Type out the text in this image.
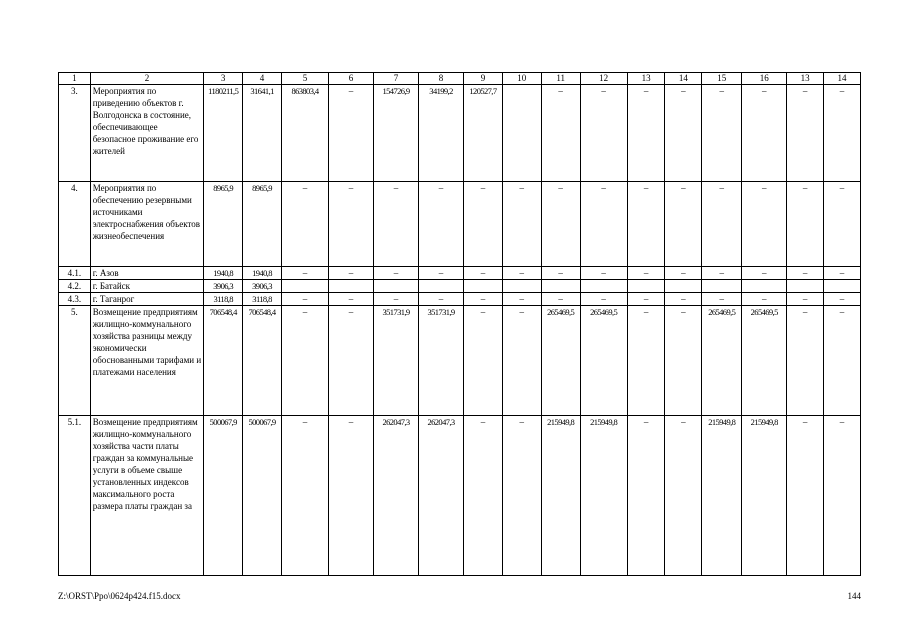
1	2	3	4	5	6	7	8	9	10	11	12	13	14	15	16	13	14
3.	Мероприятия по приведению объектов г. Волгодонска в состояние, обеспечивающее безопасное проживание его жителей	1180211,5	31641,1	863803,4	–	154726,9	34199,2	120527,7		–	–	–	–	–	–	–	–
4.	Мероприятия по обеспечению резервными источниками электроснабжения объектов жизнеобеспечения	8965,9	8965,9	–	–	–	–	–	–	–	–	–	–	–	–	–	–
4.1.	г. Азов	1940,8	1940,8	–	–	–	–	–	–	–	–	–	–	–	–	–	–
4.2.	г. Батайск	3906,3	3906,3														
4.3.	г. Таганрог	3118,8	3118,8	–	–	–	–	–	–	–	–	–	–	–	–	–	–
5.	Возмещение предприятиям жилищно-коммунального хозяйства разницы между экономически обоснованными тарифами и платежами населения	706548,4	706548,4	–	–	351731,9	351731,9	–	–	265469,5	265469,5	–	–	265469,5	265469,5	–	–
5.1.	Возмещение предприятиям жилищно-коммунального хозяйства части платы граждан за коммунальные услуги в объеме свыше установленных индексов максимального роста размера платы граждан за	500067,9	500067,9	–	–	262047,3	262047,3	–	–	215949,8	215949,8	–	–	215949,8	215949,8	–	–
Z:\ORST\Ppo\0624p424.f15.docx	144
